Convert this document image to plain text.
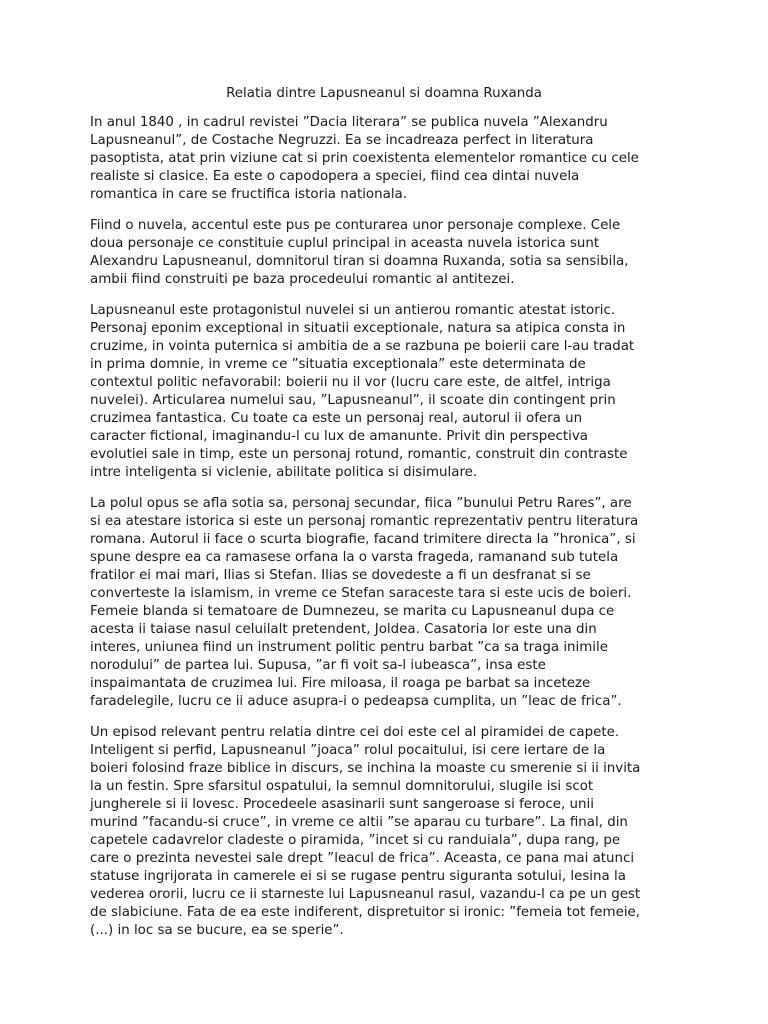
Relatia dintre Lapusneanul si doamna Ruxanda

In anul 1840 , in cadrul revistei ”Dacia literara” se publica nuvela ”Alexandru
Lapusneanul”, de Costache Negruzzi. Ea se incadreaza perfect in literatura
pasoptista, atat prin viziune cat si prin coexistenta elementelor romantice cu cele
realiste si clasice. Ea este o capodopera a speciei, fiind cea dintai nuvela
romantica in care se fructifica istoria nationala.

Fiind o nuvela, accentul este pus pe conturarea unor personaje complexe. Cele
doua personaje ce constituie cuplul principal in aceasta nuvela istorica sunt
Alexandru Lapusneanul, domnitorul tiran si doamna Ruxanda, sotia sa sensibila,
ambii fiind construiti pe baza procedeului romantic al antitezei.

Lapusneanul este protagonistul nuvelei si un antierou romantic atestat istoric.
Personaj eponim exceptional in situatii exceptionale, natura sa atipica consta in
cruzime, in vointa puternica si ambitia de a se razbuna pe boierii care l-au tradat
in prima domnie, in vreme ce ”situatia exceptionala” este determinata de
contextul politic nefavorabil: boierii nu il vor (lucru care este, de altfel, intriga
nuvelei). Articularea numelui sau, ”Lapusneanul”, il scoate din contingent prin
cruzimea fantastica. Cu toate ca este un personaj real, autorul ii ofera un
caracter fictional, imaginandu-l cu lux de amanunte. Privit din perspectiva
evolutiei sale in timp, este un personaj rotund, romantic, construit din contraste
intre inteligenta si viclenie, abilitate politica si disimulare.

La polul opus se afla sotia sa, personaj secundar, fiica ”bunului Petru Rares”, are
si ea atestare istorica si este un personaj romantic reprezentativ pentru literatura
romana. Autorul ii face o scurta biografie, facand trimitere directa la ”hronica”, si
spune despre ea ca ramasese orfana la o varsta frageda, ramanand sub tutela
fratilor ei mai mari, Ilias si Stefan. Ilias se dovedeste a fi un desfranat si se
converteste la islamism, in vreme ce Stefan saraceste tara si este ucis de boieri.
Femeie blanda si tematoare de Dumnezeu, se marita cu Lapusneanul dupa ce
acesta ii taiase nasul celuilalt pretendent, Joldea. Casatoria lor este una din
interes, uniunea fiind un instrument politic pentru barbat ”ca sa traga inimile
norodului” de partea lui. Supusa, ”ar fi voit sa-l iubeasca”, insa este
inspaimantata de cruzimea lui. Fire miloasa, il roaga pe barbat sa inceteze
faradelegile, lucru ce ii aduce asupra-i o pedeapsa cumplita, un ”leac de frica”.

Un episod relevant pentru relatia dintre cei doi este cel al piramidei de capete.
Inteligent si perfid, Lapusneanul ”joaca” rolul pocaitului, isi cere iertare de la
boieri folosind fraze biblice in discurs, se inchina la moaste cu smerenie si ii invita
la un festin. Spre sfarsitul ospatului, la semnul domnitorului, slugile isi scot
jungherele si ii lovesc. Procedeele asasinarii sunt sangeroase si feroce, unii
murind ”facandu-si cruce”, in vreme ce altii ”se aparau cu turbare”. La final, din
capetele cadavrelor cladeste o piramida, ”incet si cu randuiala”, dupa rang, pe
care o prezinta nevestei sale drept ”leacul de frica”. Aceasta, ce pana mai atunci
statuse ingrijorata in camerele ei si se rugase pentru siguranta sotului, lesina la
vederea ororii, lucru ce ii starneste lui Lapusneanul rasul, vazandu-l ca pe un gest
de slabiciune. Fata de ea este indiferent, dispretuitor si ironic: ”femeia tot femeie,
(...) in loc sa se bucure, ea se sperie”.
